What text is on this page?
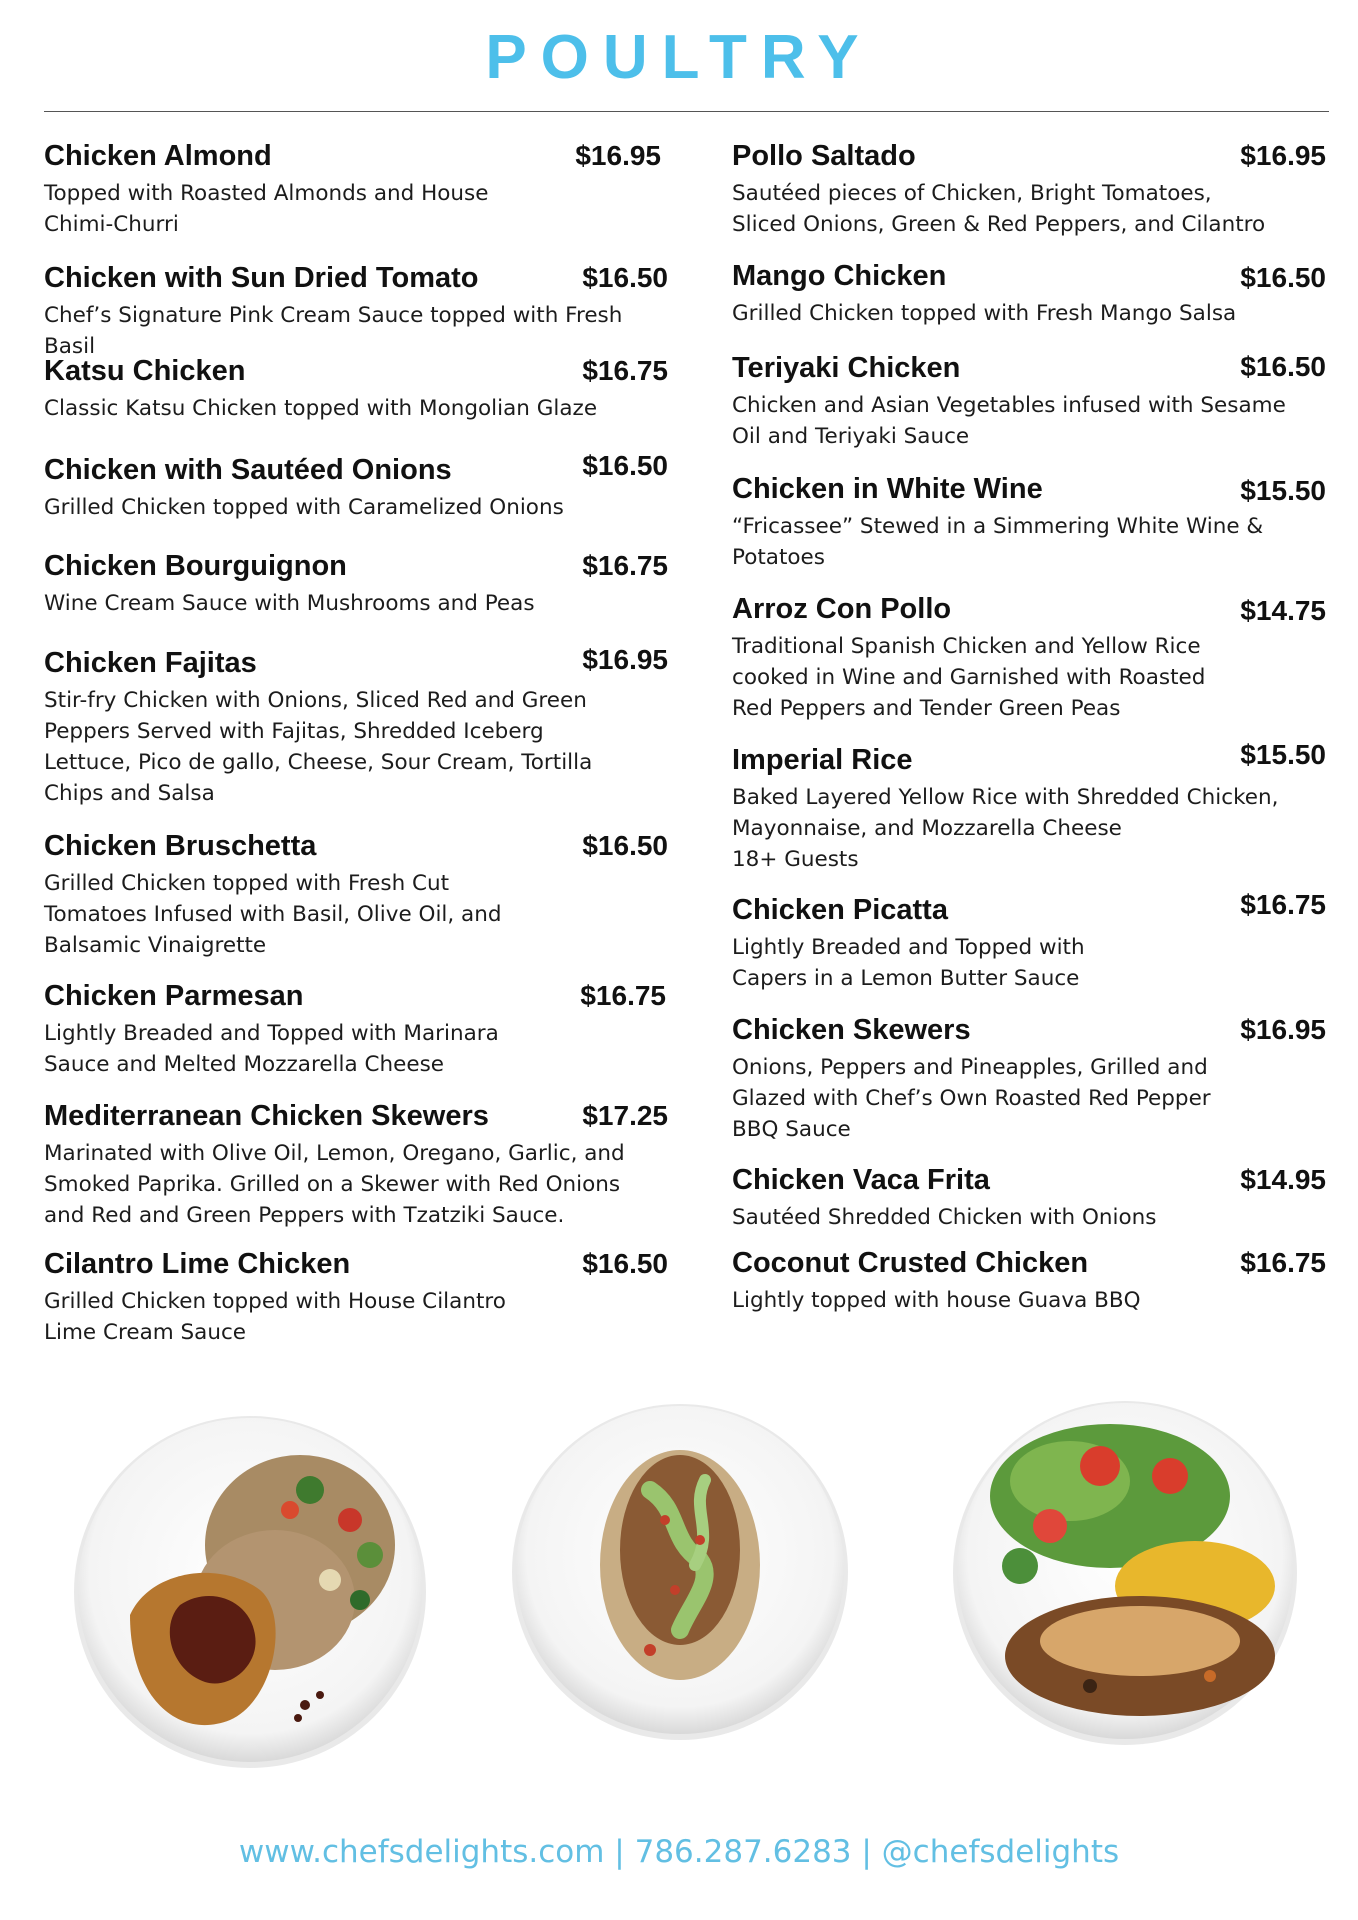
POULTRY
Chicken Almond	$16.95
Topped with Roasted Almonds and House
Chimi-Churri
Chicken with Sun Dried Tomato	$16.50
Chef’s Signature Pink Cream Sauce topped with Fresh Basil
Katsu Chicken	$16.75
Classic Katsu Chicken topped with Mongolian Glaze
Chicken with Sautéed Onions	$16.50
Grilled Chicken topped with Caramelized Onions
Chicken Bourguignon	$16.75
Wine Cream Sauce with Mushrooms and Peas
Chicken Fajitas	$16.95
Stir-fry Chicken with Onions, Sliced Red and Green
Peppers Served with Fajitas, Shredded Iceberg
Lettuce, Pico de gallo, Cheese, Sour Cream, Tortilla
Chips and Salsa
Chicken Bruschetta	$16.50
Grilled Chicken topped with Fresh Cut
Tomatoes Infused with Basil, Olive Oil, and
Balsamic Vinaigrette
Chicken Parmesan	$16.75
Lightly Breaded and Topped with Marinara
Sauce and Melted Mozzarella Cheese
Mediterranean Chicken Skewers	$17.25
Marinated with Olive Oil, Lemon, Oregano, Garlic, and
Smoked Paprika. Grilled on a Skewer with Red Onions
and Red and Green Peppers with Tzatziki Sauce.
Cilantro Lime Chicken	$16.50
Grilled Chicken topped with House Cilantro
Lime Cream Sauce
Pollo Saltado	$16.95
Sautéed pieces of Chicken, Bright Tomatoes,
Sliced Onions, Green & Red Peppers, and Cilantro
Mango Chicken	$16.50
Grilled Chicken topped with Fresh Mango Salsa
Teriyaki Chicken	$16.50
Chicken and Asian Vegetables infused with Sesame
Oil and Teriyaki Sauce
Chicken in White Wine	$15.50
“Fricassee” Stewed in a Simmering White Wine &
Potatoes
Arroz Con Pollo	$14.75
Traditional Spanish Chicken and Yellow Rice
cooked in Wine and Garnished with Roasted
Red Peppers and Tender Green Peas
Imperial Rice	$15.50
Baked Layered Yellow Rice with Shredded Chicken,
Mayonnaise, and Mozzarella Cheese
18+ Guests
Chicken Picatta	$16.75
Lightly Breaded and Topped with
Capers in a Lemon Butter Sauce
Chicken Skewers	$16.95
Onions, Peppers and Pineapples, Grilled and
Glazed with Chef’s Own Roasted Red Pepper
BBQ Sauce
Chicken Vaca Frita	$14.95
Sautéed Shredded Chicken with Onions
Coconut Crusted Chicken	$16.75
Lightly topped with house Guava BBQ
www.chefsdelights.com | 786.287.6283 | @chefsdelights
